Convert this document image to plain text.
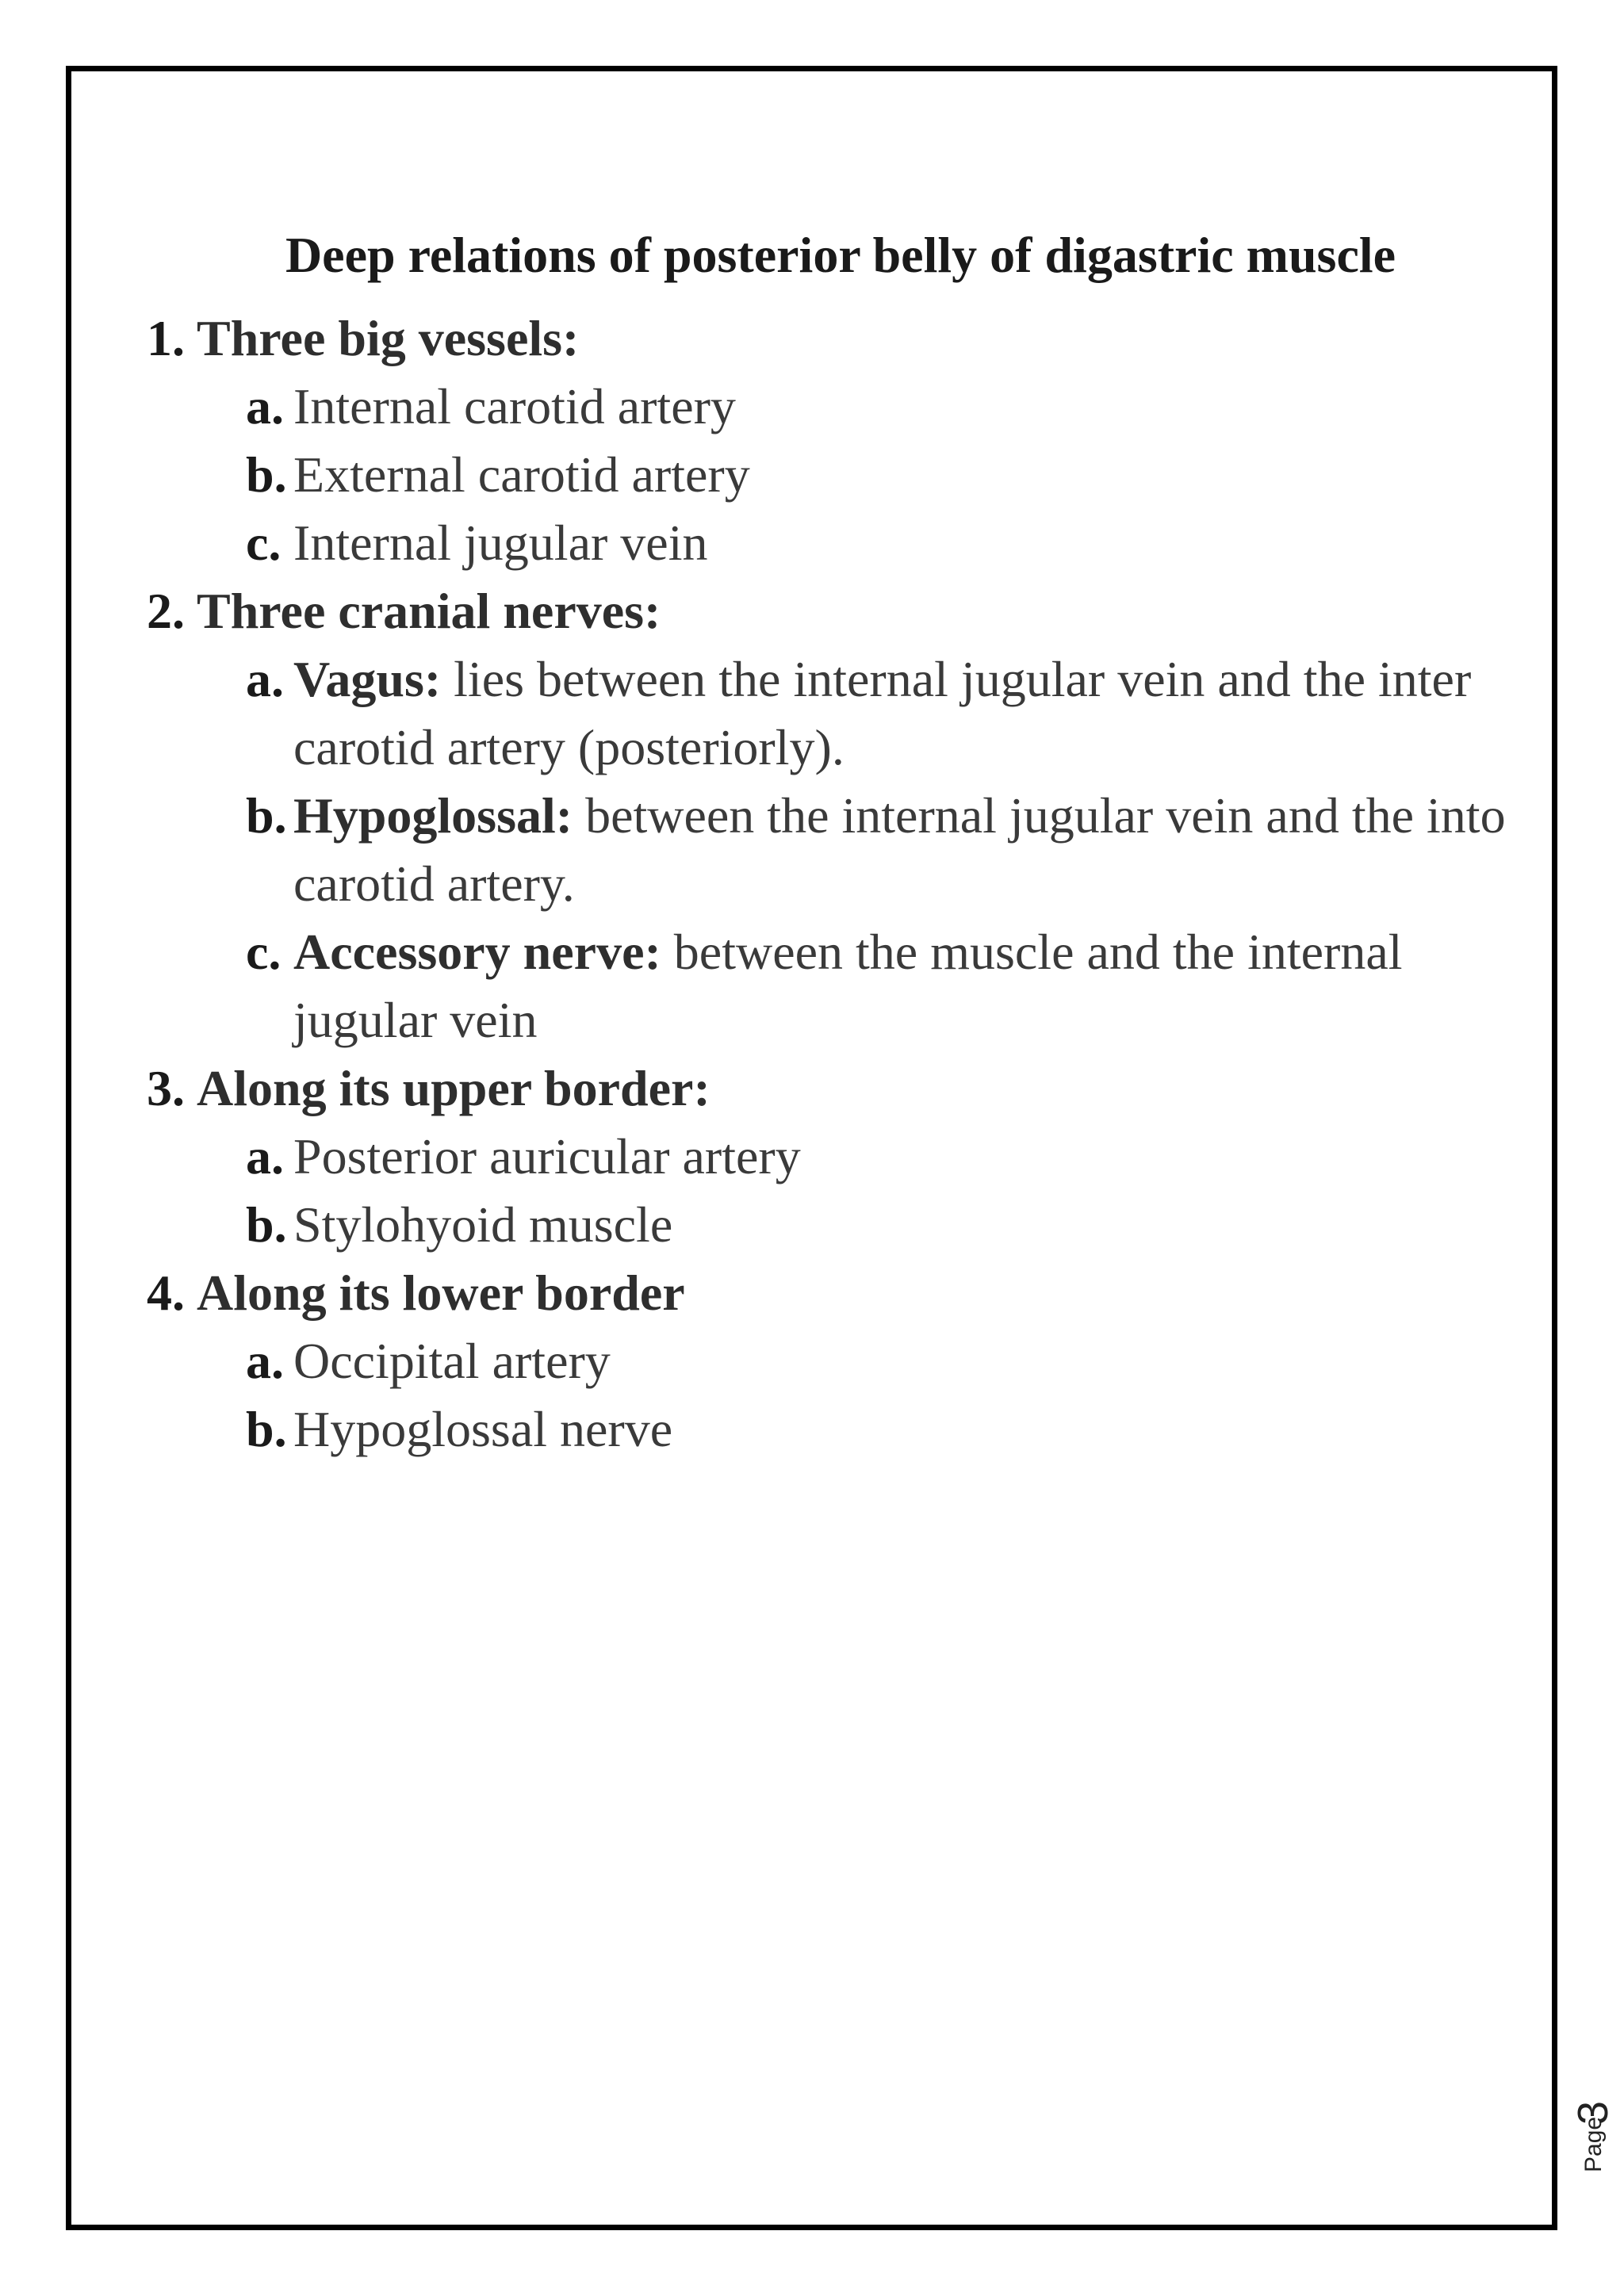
Deep relations of posterior belly of digastric muscle
1. Three big vessels:
a. Internal carotid artery
b. External carotid artery
c. Internal jugular vein
2. Three cranial nerves:
a. Vagus: lies between the internal jugular vein and the inter carotid artery (posteriorly).
b. Hypoglossal: between the internal jugular vein and the into carotid artery.
c. Accessory nerve: between the muscle and the internal jugular vein
3. Along its upper border:
a. Posterior auricular artery
b. Stylohyoid muscle
4. Along its lower border
a. Occipital artery
b. Hypoglossal nerve
Page
3
